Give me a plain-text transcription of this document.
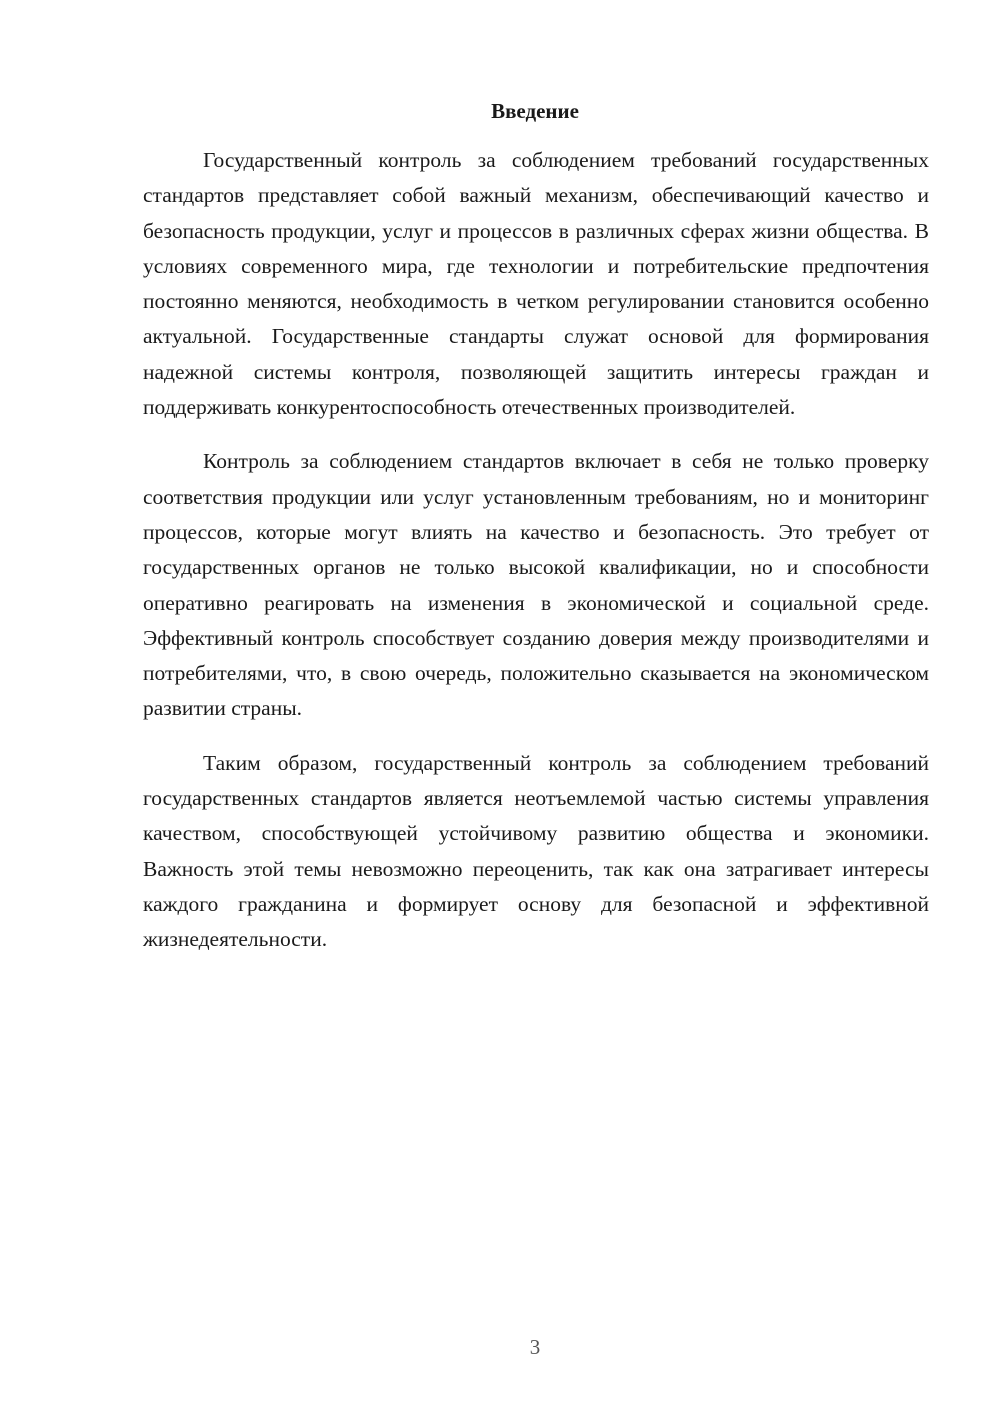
Введение

Государственный контроль за соблюдением требований государственных стандартов представляет собой важный механизм, обеспечивающий качество и безопасность продукции, услуг и процессов в различных сферах жизни общества. В условиях современного мира, где технологии и потребительские предпочтения постоянно меняются, необходимость в четком регулировании становится особенно актуальной. Государственные стандарты служат основой для формирования надежной системы контроля, позволяющей защитить интересы граждан и поддерживать конкурентоспособность отечественных производителей.

Контроль за соблюдением стандартов включает в себя не только проверку соответствия продукции или услуг установленным требованиям, но и мониторинг процессов, которые могут влиять на качество и безопасность. Это требует от государственных органов не только высокой квалификации, но и способности оперативно реагировать на изменения в экономической и социальной среде. Эффективный контроль способствует созданию доверия между производителями и потребителями, что, в свою очередь, положительно сказывается на экономическом развитии страны.

Таким образом, государственный контроль за соблюдением требований государственных стандартов является неотъемлемой частью системы управления качеством, способствующей устойчивому развитию общества и экономики. Важность этой темы невозможно переоценить, так как она затрагивает интересы каждого гражданина и формирует основу для безопасной и эффективной жизнедеятельности.

3
